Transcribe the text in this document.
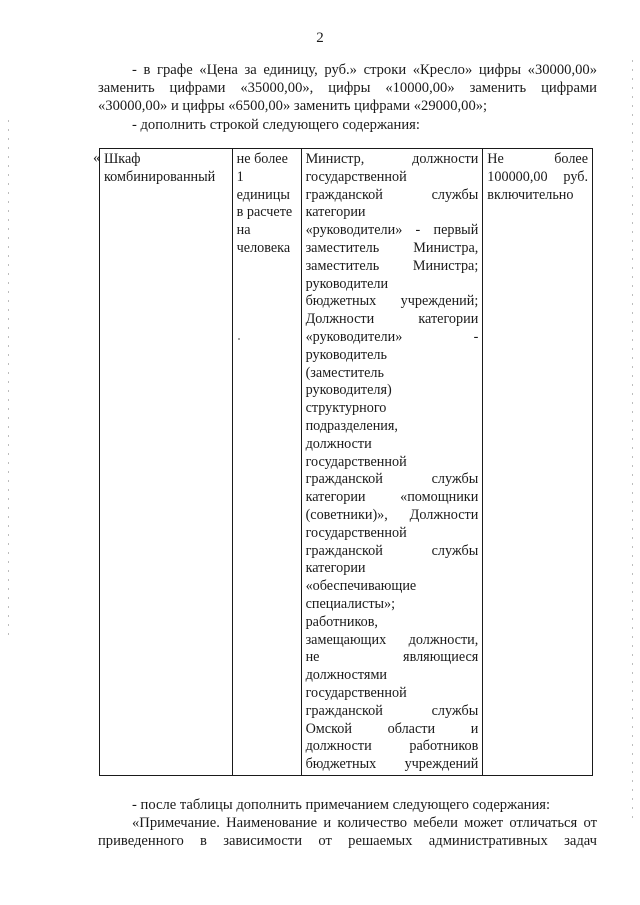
2
- в графе «Цена за единицу, руб.» строки «Кресло» цифры «30000,00»
заменить цифрами «35000,00», цифры «10000,00» заменить цифрами
«30000,00» и цифры «6500,00» заменить цифрами «29000,00»;
- дополнить строкой следующего содержания:
« Шкаф
комбинированный

не более 1
единицы
в расчете
на
человека

Министр, должности
государственной
гражданской службы
категории
«руководители» - первый
заместитель Министра,
заместитель Министра;
руководители
бюджетных учреждений;
Должности категории
«руководители» -
руководитель
(заместитель
руководителя)
структурного
подразделения,
должности
государственной
гражданской службы
категории «помощники
(советники)», Должности
государственной
гражданской службы
категории
«обеспечивающие
специалисты»;
работников,
замещающих должности,
не являющиеся
должностями
государственной
гражданской службы
Омской области и
должности работников
бюджетных учреждений

Не более
100000,00 руб.
включительно
- после таблицы дополнить примечанием следующего содержания:
«Примечание. Наименование и количество мебели может отличаться от
приведенного в зависимости от решаемых административных задач
